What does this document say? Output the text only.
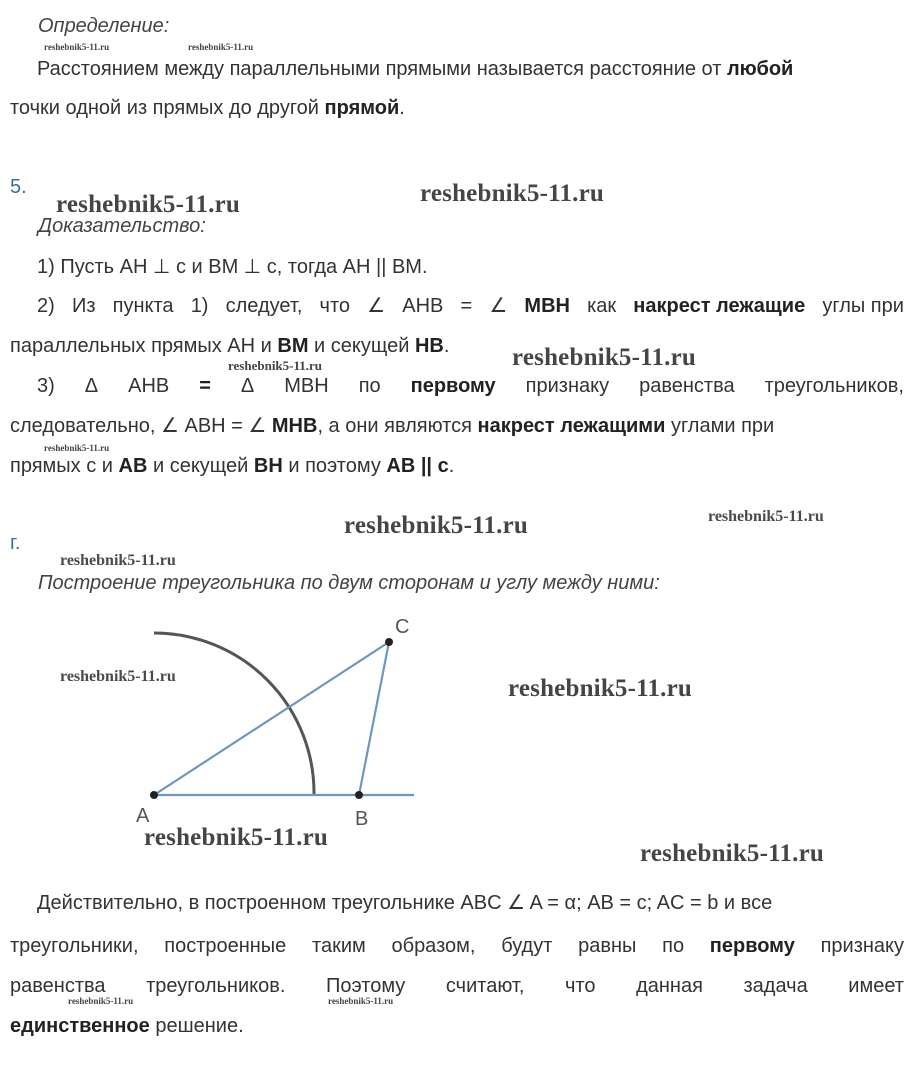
Определение:
Расстоянием между параллельными прямыми называется расстояние от любой
точки одной из прямых до другой прямой.
5.
Доказательство:
1) Пусть AH ⊥ c и BM ⊥ c, тогда AH || BM.
2) Из пункта 1) следует, что ∠ AHB = ∠ MBH как накрест лежащие углы при
параллельных прямых AH и BM и секущей HB.
3) Δ AHB = Δ MBH по первому признаку равенства треугольников,
следовательно, ∠ ABH = ∠ MHB, а они являются накрест лежащими углами при
прямых c и AB и секущей BH и поэтому AB || c.
г.
Построение треугольника по двум сторонам и углу между ними:
A	B
C
Действительно, в построенном треугольнике ABC ∠ A = α; AB = c; AC = b и все
треугольники, построенные таким образом, будут равны по первому признаку
равенства треугольников. Поэтому считают, что данная задача имеет
единственное решение.
reshebnik5-11.ru	reshebnik5-11.ru
reshebnik5-11.ru	reshebnik5-11.ru
reshebnik5-11.ru	reshebnik5-11.ru
reshebnik5-11.ru
reshebnik5-11.ru	reshebnik5-11.ru
reshebnik5-11.ru
reshebnik5-11.ru	reshebnik5-11.ru
reshebnik5-11.ru
reshebnik5-11.ru
reshebnik5-11.ru	reshebnik5-11.ru
